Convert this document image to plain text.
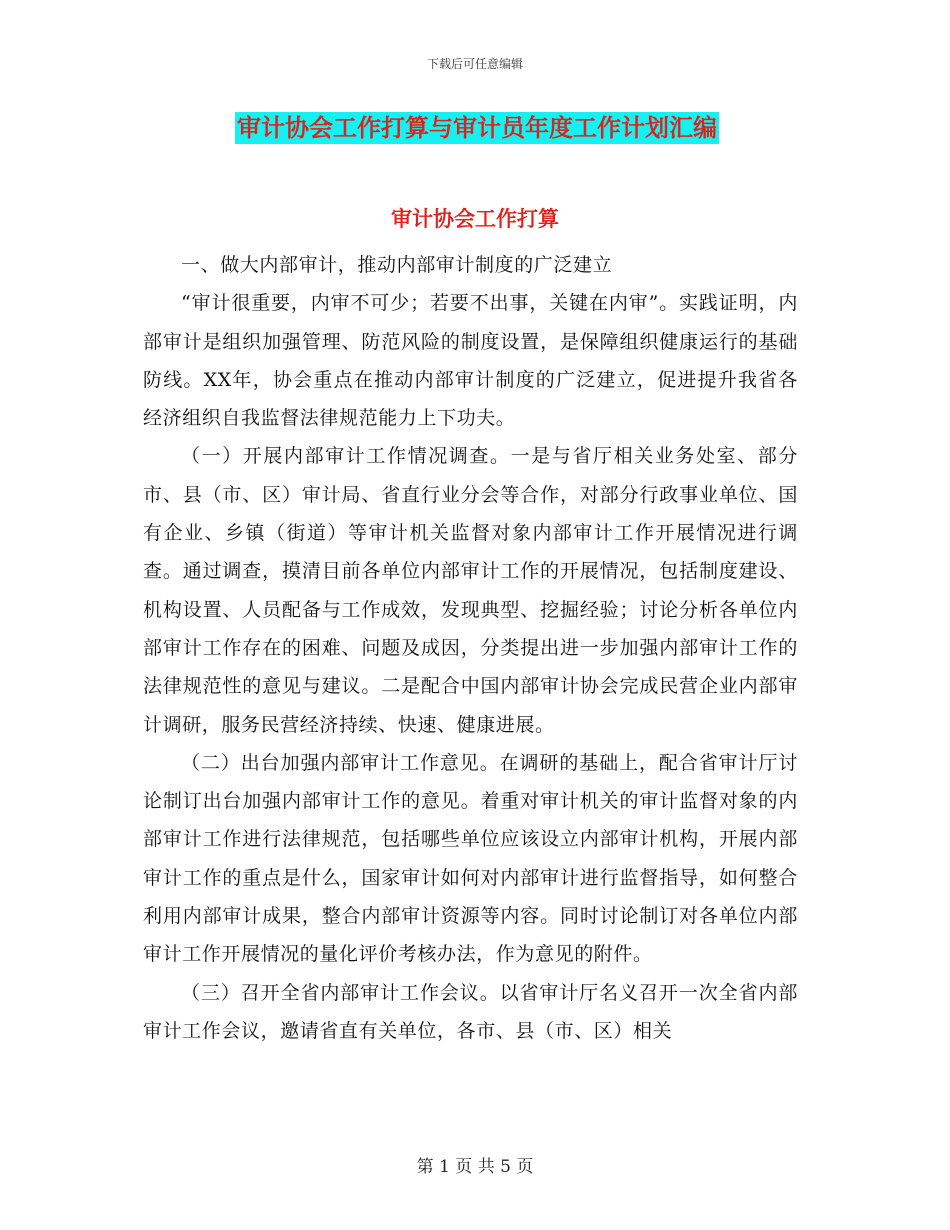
下载后可任意编辑
审计协会工作打算与审计员年度工作计划汇编
审计协会工作打算

一、做大内部审计，推动内部审计制度的广泛建立

“审计很重要，内审不可少；若要不出事，关键在内审”。实践证明，内部审计是组织加强管理、防范风险的制度设置，是保障组织健康运行的基础防线。XX年，协会重点在推动内部审计制度的广泛建立，促进提升我省各经济组织自我监督法律规范能力上下功夫。

（一）开展内部审计工作情况调查。一是与省厅相关业务处室、部分市、县（市、区）审计局、省直行业分会等合作，对部分行政事业单位、国有企业、乡镇（街道）等审计机关监督对象内部审计工作开展情况进行调查。通过调查，摸清目前各单位内部审计工作的开展情况，包括制度建设、机构设置、人员配备与工作成效，发现典型、挖掘经验；讨论分析各单位内部审计工作存在的困难、问题及成因，分类提出进一步加强内部审计工作的法律规范性的意见与建议。二是配合中国内部审计协会完成民营企业内部审计调研，服务民营经济持续、快速、健康进展。

（二）出台加强内部审计工作意见。在调研的基础上，配合省审计厅讨论制订出台加强内部审计工作的意见。着重对审计机关的审计监督对象的内部审计工作进行法律规范，包括哪些单位应该设立内部审计机构，开展内部审计工作的重点是什么，国家审计如何对内部审计进行监督指导，如何整合利用内部审计成果，整合内部审计资源等内容。同时讨论制订对各单位内部审计工作开展情况的量化评价考核办法，作为意见的附件。

（三）召开全省内部审计工作会议。以省审计厅名义召开一次全省内部审计工作会议，邀请省直有关单位，各市、县（市、区）相关

第 1 页 共 5 页
